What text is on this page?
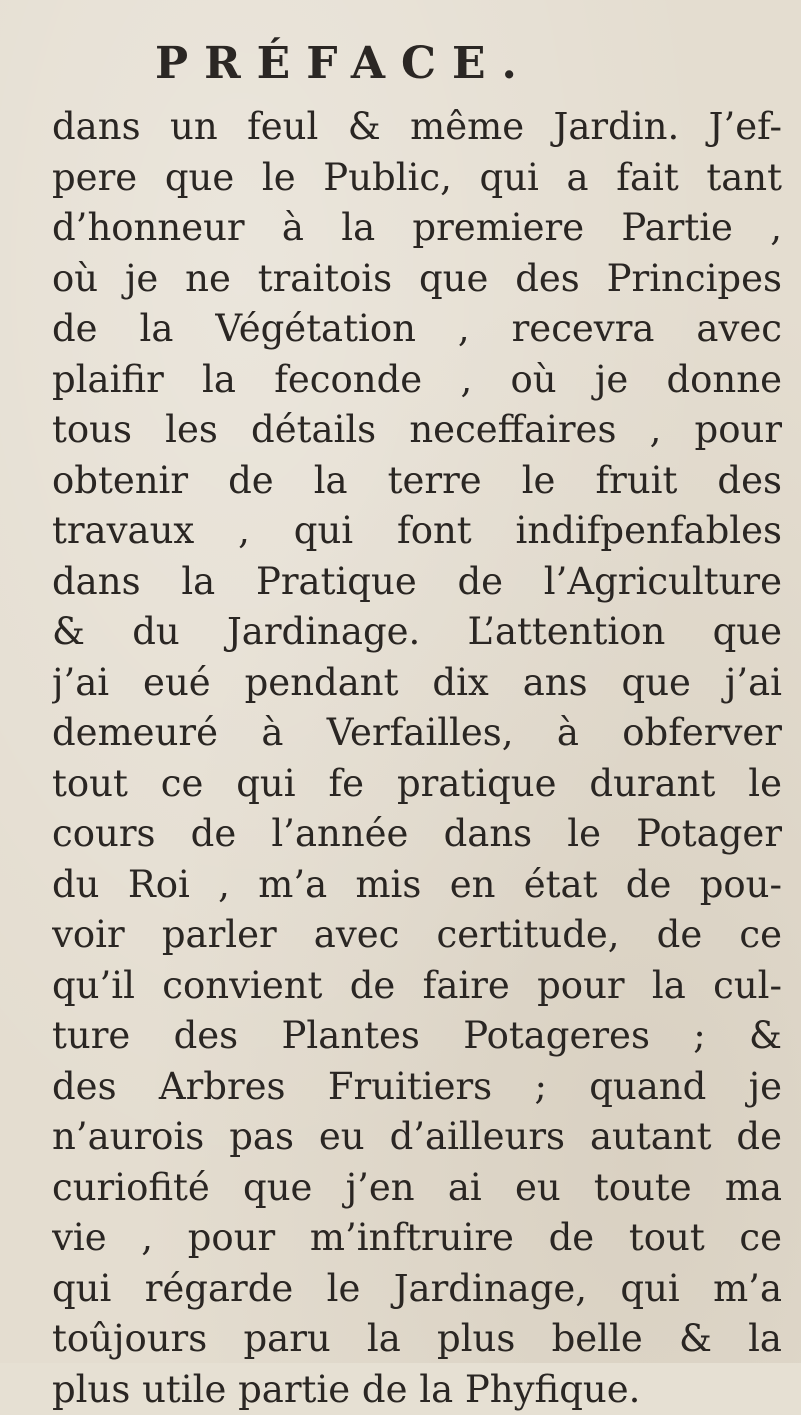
PRÉFACE.
dans un feul & même Jardin. J’ef-
pere que le Public, qui a fait tant
d’honneur à la premiere Partie ,
où je ne traitois que des Principes
de la Végétation , recevra avec
plaifir la feconde , où je donne
tous les détails neceffaires , pour
obtenir de la terre le fruit des
travaux , qui font indifpenfables
dans la Pratique de l’Agriculture
& du Jardinage. L’attention que
j’ai eué pendant dix ans que j’ai
demeuré à Verfailles, à obferver
tout ce qui fe pratique durant le
cours de l’année dans le Potager
du Roi , m’a mis en état de pou-
voir parler avec certitude, de ce
qu’il convient de faire pour la cul-
ture des Plantes Potageres ; &
des Arbres Fruitiers ; quand je
n’aurois pas eu d’ailleurs autant de
curiofité que j’en ai eu toute ma
vie , pour m’inftruire de tout ce
qui régarde le Jardinage, qui m’a
toûjours paru la plus belle & la
plus utile partie de la Phyfique.
